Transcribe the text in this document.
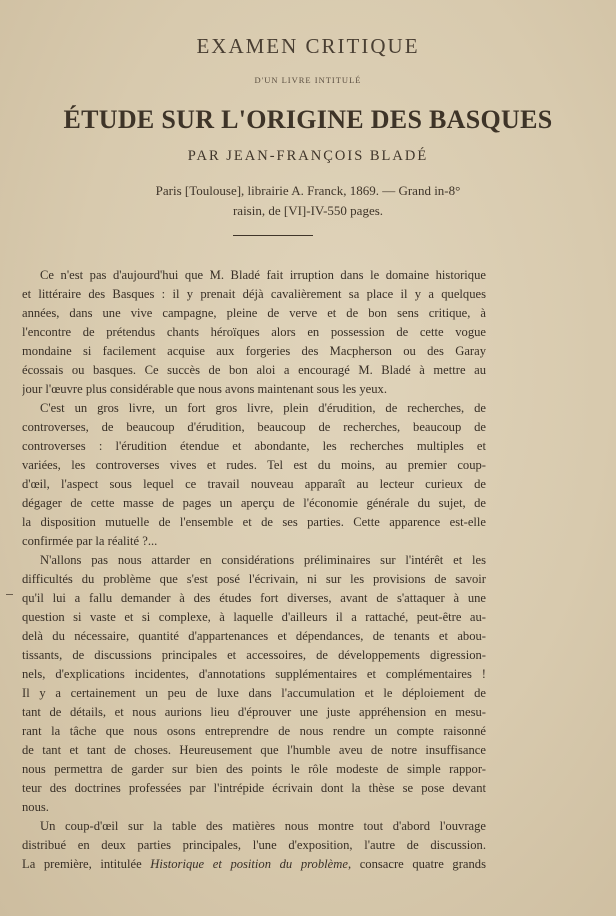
EXAMEN CRITIQUE
D'UN LIVRE INTITULÉ
ÉTUDE SUR L'ORIGINE DES BASQUES
PAR JEAN-FRANÇOIS BLADÉ
Paris [Toulouse], librairie A. Franck, 1869. — Grand in-8°
raisin, de [VI]-IV-550 pages.
Ce n'est pas d'aujourd'hui que M. Bladé fait irruption dans le domaine historique
et littéraire des Basques : il y prenait déjà cavalièrement sa place il y a quelques
années, dans une vive campagne, pleine de verve et de bon sens critique, à
l'encontre de prétendus chants héroïques alors en possession de cette vogue
mondaine si facilement acquise aux forgeries des Macpherson ou des Garay
écossais ou basques. Ce succès de bon aloi a encouragé M. Bladé à mettre au
jour l'œuvre plus considérable que nous avons maintenant sous les yeux.
C'est un gros livre, un fort gros livre, plein d'érudition, de recherches, de
controverses, de beaucoup d'érudition, beaucoup de recherches, beaucoup de
controverses : l'érudition étendue et abondante, les recherches multiples et
variées, les controverses vives et rudes. Tel est du moins, au premier coup-
d'œil, l'aspect sous lequel ce travail nouveau apparaît au lecteur curieux de
dégager de cette masse de pages un aperçu de l'économie générale du sujet, de
la disposition mutuelle de l'ensemble et de ses parties. Cette apparence est-elle
confirmée par la réalité ?...
N'allons pas nous attarder en considérations préliminaires sur l'intérêt et les
difficultés du problème que s'est posé l'écrivain, ni sur les provisions de savoir
qu'il lui a fallu demander à des études fort diverses, avant de s'attaquer à une
question si vaste et si complexe, à laquelle d'ailleurs il a rattaché, peut-être au-
delà du nécessaire, quantité d'appartenances et dépendances, de tenants et abou-
tissants, de discussions principales et accessoires, de développements digression-
nels, d'explications incidentes, d'annotations supplémentaires et complémentaires !
Il y a certainement un peu de luxe dans l'accumulation et le déploiement de
tant de détails, et nous aurions lieu d'éprouver une juste appréhension en mesu-
rant la tâche que nous osons entreprendre de nous rendre un compte raisonné
de tant et tant de choses. Heureusement que l'humble aveu de notre insuffisance
nous permettra de garder sur bien des points le rôle modeste de simple rappor-
teur des doctrines professées par l'intrépide écrivain dont la thèse se pose devant
nous.
Un coup-d'œil sur la table des matières nous montre tout d'abord l'ouvrage
distribué en deux parties principales, l'une d'exposition, l'autre de discussion.
La première, intitulée Historique et position du problème, consacre quatre grands
